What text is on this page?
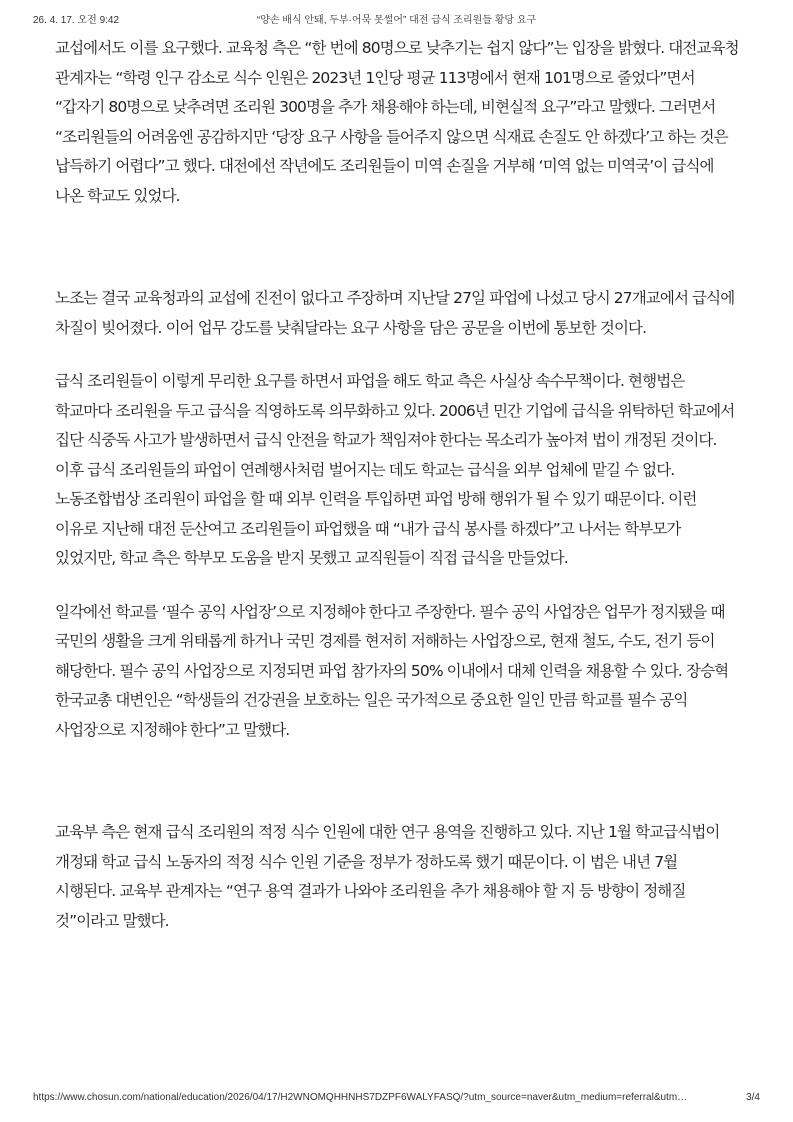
26. 4. 17. 오전 9:42	“양손 배식 안돼, 두부·어묵 못썰어” 대전 급식 조리원들 황당 요구

교섭에서도 이를 요구했다. 교육청 측은 “한 번에 80명으로 낮추기는 쉽지 않다”는 입장을 밝혔다. 대전교육청 관계자는 “학령 인구 감소로 식수 인원은 2023년 1인당 평균 113명에서 현재 101명으로 줄었다”면서 “갑자기 80명으로 낮추려면 조리원 300명을 추가 채용해야 하는데, 비현실적 요구”라고 말했다. 그러면서 “조리원들의 어려움엔 공감하지만 ‘당장 요구 사항을 들어주지 않으면 식재료 손질도 안 하겠다’고 하는 것은 납득하기 어렵다”고 했다. 대전에선 작년에도 조리원들이 미역 손질을 거부해 ‘미역 없는 미역국’이 급식에 나온 학교도 있었다.

노조는 결국 교육청과의 교섭에 진전이 없다고 주장하며 지난달 27일 파업에 나섰고 당시 27개교에서 급식에 차질이 빚어졌다. 이어 업무 강도를 낮춰달라는 요구 사항을 담은 공문을 이번에 통보한 것이다.

급식 조리원들이 이렇게 무리한 요구를 하면서 파업을 해도 학교 측은 사실상 속수무책이다. 현행법은 학교마다 조리원을 두고 급식을 직영하도록 의무화하고 있다. 2006년 민간 기업에 급식을 위탁하던 학교에서 집단 식중독 사고가 발생하면서 급식 안전을 학교가 책임져야 한다는 목소리가 높아져 법이 개정된 것이다. 이후 급식 조리원들의 파업이 연례행사처럼 벌어지는 데도 학교는 급식을 외부 업체에 맡길 수 없다. 노동조합법상 조리원이 파업을 할 때 외부 인력을 투입하면 파업 방해 행위가 될 수 있기 때문이다. 이런 이유로 지난해 대전 둔산여고 조리원들이 파업했을 때 “내가 급식 봉사를 하겠다”고 나서는 학부모가 있었지만, 학교 측은 학부모 도움을 받지 못했고 교직원들이 직접 급식을 만들었다.

일각에선 학교를 ‘필수 공익 사업장’으로 지정해야 한다고 주장한다. 필수 공익 사업장은 업무가 정지됐을 때 국민의 생활을 크게 위태롭게 하거나 국민 경제를 현저히 저해하는 사업장으로, 현재 철도, 수도, 전기 등이 해당한다. 필수 공익 사업장으로 지정되면 파업 참가자의 50% 이내에서 대체 인력을 채용할 수 있다. 장승혁 한국교총 대변인은 “학생들의 건강권을 보호하는 일은 국가적으로 중요한 일인 만큼 학교를 필수 공익 사업장으로 지정해야 한다”고 말했다.

교육부 측은 현재 급식 조리원의 적정 식수 인원에 대한 연구 용역을 진행하고 있다. 지난 1월 학교급식법이 개정돼 학교 급식 노동자의 적정 식수 인원 기준을 정부가 정하도록 했기 때문이다. 이 법은 내년 7월 시행된다. 교육부 관계자는 “연구 용역 결과가 나와야 조리원을 추가 채용해야 할 지 등 방향이 정해질 것”이라고 말했다.

https://www.chosun.com/national/education/2026/04/17/H2WNOMQHHNHS7DZPF6WALYFASQ/?utm_source=naver&utm_medium=referral&utm…	3/4
